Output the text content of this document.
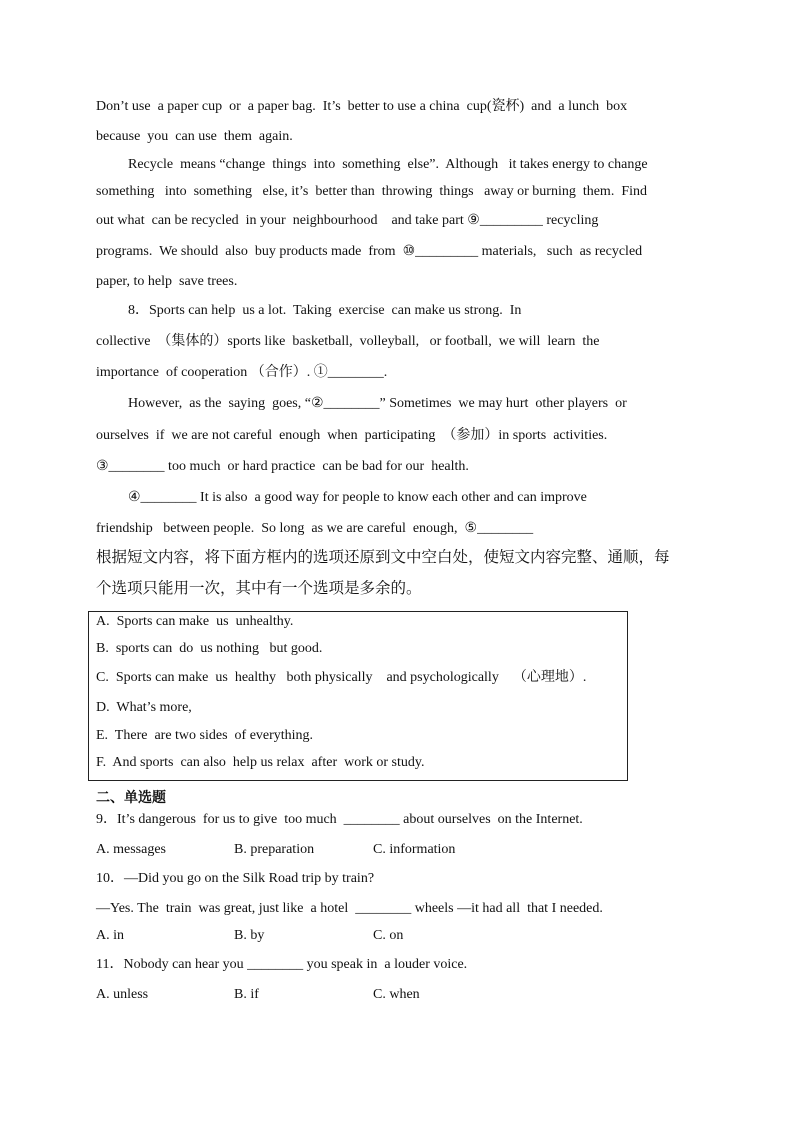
Don’t use  a paper cup  or  a paper bag.  It’s  better to use a china  cup(瓷杯)  and  a lunch  box
because  you  can use  them  again.
Recycle  means “change  things  into  something  else”.  Although   it takes energy to change
something   into  something   else, it’s  better than  throwing  things   away or burning  them.  Find
out what  can be recycled  in your  neighbourhood    and take part ⑨_________ recycling
programs.  We should  also  buy products made  from  ⑩_________ materials,   such  as recycled
paper, to help  save trees.
8．Sports can help  us a lot.  Taking  exercise  can make us strong.  In
collective  （集体的）sports like  basketball,  volleyball,   or football,  we will  learn  the
importance  of cooperation （合作）. ①________.
However,  as the  saying  goes, “②________” Sometimes  we may hurt  other players  or
ourselves  if  we are not careful  enough  when  participating  （参加）in sports  activities.
③________ too much  or hard practice  can be bad for our  health.
④________ It is also  a good way for people to know each other and can improve
friendship   between people.  So long  as we are careful  enough,  ⑤________
根据短文内容，将下面方框内的选项还原到文中空白处，使短文内容完整、通顺，每
个选项只能用一次，其中有一个选项是多余的。
A.  Sports can make  us  unhealthy.
B.  sports can  do  us nothing   but good.
C.  Sports can make  us  healthy   both physically    and psychologically    （心理地）.
D.  What’s more,
E.  There  are two sides  of everything.
F.  And sports  can also  help us relax  after  work or study.
二、单选题
9．It’s dangerous  for us to give  too much  ________ about ourselves  on the Internet.
A. messages	B. preparation	C. information
10．—Did you go on the Silk Road trip by train?
—Yes. The  train  was great, just like  a hotel  ________ wheels —it had all  that I needed.
A. in	B. by	C. on
11．Nobody can hear you ________ you speak in  a louder voice.
A. unless	B. if	C. when
